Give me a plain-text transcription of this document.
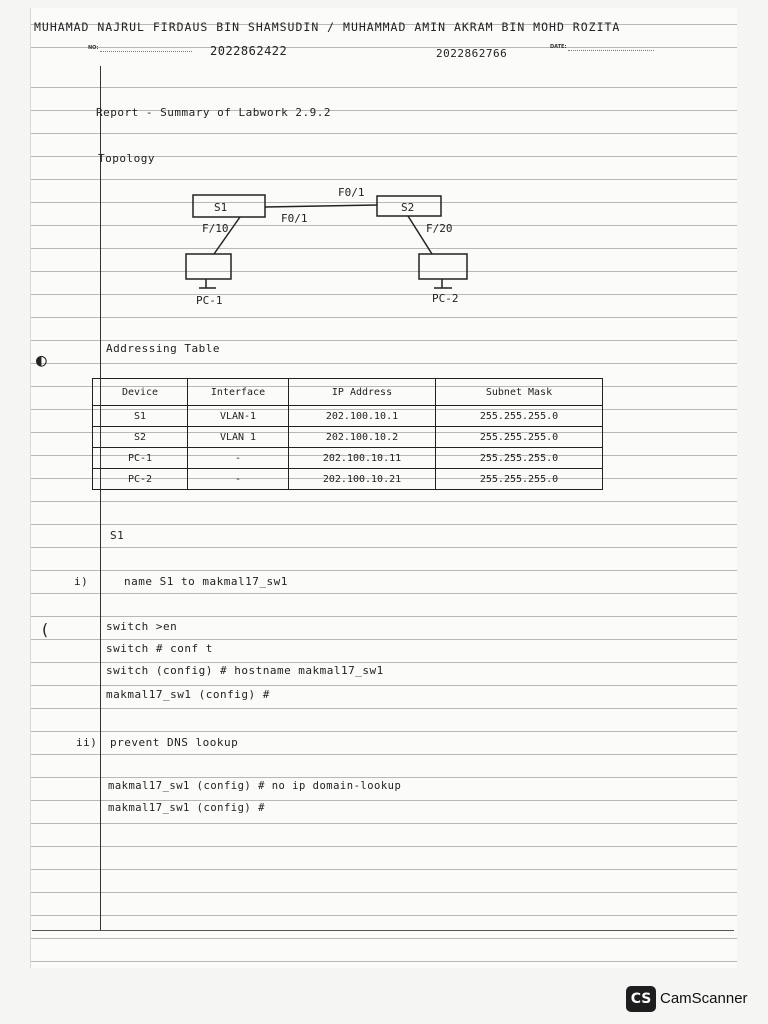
MUHAMAD NAJRUL FIRDAUS BIN SHAMSUDIN / MUHAMMAD AMIN AKRAM BIN MOHD ROZITA
NO:	2022862422	2022862766	DATE:
Report - Summary of Labwork 2.9.2
Topology
S1	S2
F0/1
F0/1
F/10	F/20
PC-1	PC-2
◐
Addressing Table
Device	Interface	IP Address	Subnet Mask
S1	VLAN-1	202.100.10.1	255.255.255.0
S2	VLAN 1	202.100.10.2	255.255.255.0
PC-1	-	202.100.10.11	255.255.255.0
PC-2	-	202.100.10.21	255.255.255.0
S1
i)	name S1 to makmal17_sw1
(	switch >en
switch # conf t
switch (config) # hostname makmal17_sw1
makmal17_sw1 (config) #
ii) prevent DNS lookup
makmal17_sw1 (config) # no ip domain-lookup
makmal17_sw1 (config) #
CS CamScanner
